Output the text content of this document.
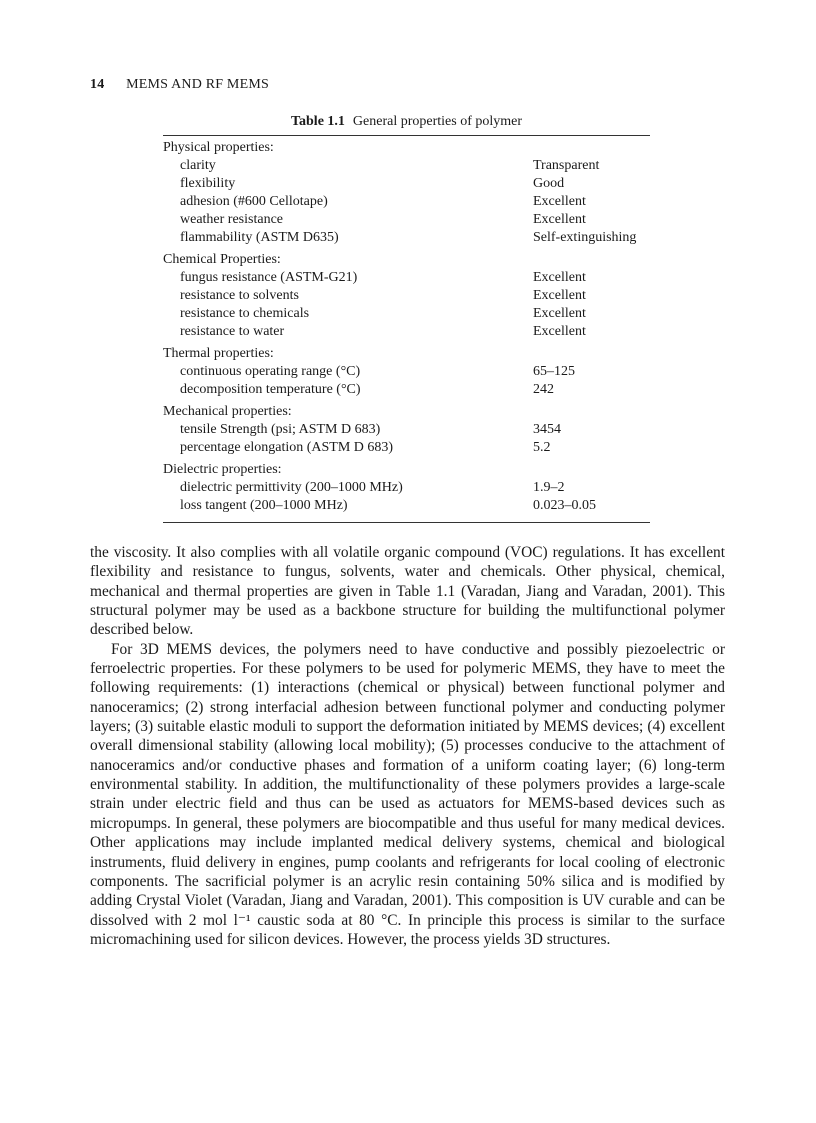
14 MEMS AND RF MEMS
Table 1.1 General properties of polymer
Physical properties:
clarity	Transparent
flexibility	Good
adhesion (#600 Cellotape)	Excellent
weather resistance	Excellent
flammability (ASTM D635)	Self-extinguishing
Chemical Properties:
fungus resistance (ASTM-G21)	Excellent
resistance to solvents	Excellent
resistance to chemicals	Excellent
resistance to water	Excellent
Thermal properties:
continuous operating range (°C)	65–125
decomposition temperature (°C)	242
Mechanical properties:
tensile Strength (psi; ASTM D 683)	3454
percentage elongation (ASTM D 683)	5.2
Dielectric properties:
dielectric permittivity (200–1000 MHz)	1.9–2
loss tangent (200–1000 MHz)	0.023–0.05

the viscosity. It also complies with all volatile organic compound (VOC) regulations. It has excellent flexibility and resistance to fungus, solvents, water and chemicals. Other physical, chemical, mechanical and thermal properties are given in Table 1.1 (Varadan, Jiang and Varadan, 2001). This structural polymer may be used as a backbone structure for building the multifunctional polymer described below.

For 3D MEMS devices, the polymers need to have conductive and possibly piezoelectric or ferroelectric properties. For these polymers to be used for polymeric MEMS, they have to meet the following requirements: (1) interactions (chemical or physical) between functional polymer and nanoceramics; (2) strong interfacial adhesion between functional polymer and conducting polymer layers; (3) suitable elastic moduli to support the deformation initiated by MEMS devices; (4) excellent overall dimensional stability (allowing local mobility); (5) processes conducive to the attachment of nanoceramics and/or conductive phases and formation of a uniform coating layer; (6) long-term environmental stability. In addition, the multifunctionality of these polymers provides a large-scale strain under electric field and thus can be used as actuators for MEMS-based devices such as micropumps. In general, these polymers are biocompatible and thus useful for many medical devices. Other applications may include implanted medical delivery systems, chemical and biological instruments, fluid delivery in engines, pump coolants and refrigerants for local cooling of electronic components. The sacrificial polymer is an acrylic resin containing 50% silica and is modified by adding Crystal Violet (Varadan, Jiang and Varadan, 2001). This composition is UV curable and can be dissolved with 2 mol l⁻¹ caustic soda at 80 °C. In principle this process is similar to the surface micromachining used for silicon devices. However, the process yields 3D structures.
